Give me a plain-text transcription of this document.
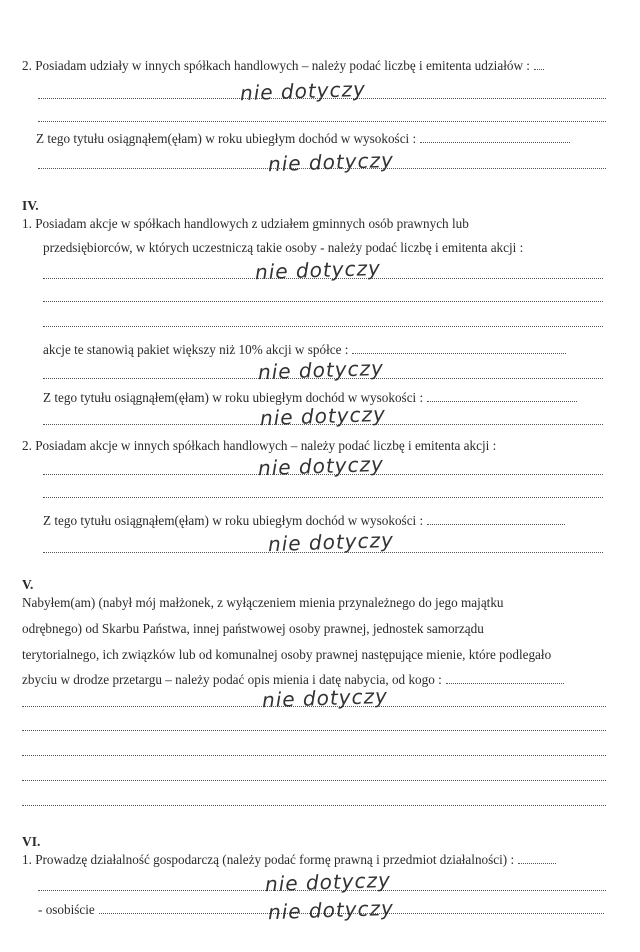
2. Posiadam udziały w innych spółkach handlowych – należy podać liczbę i emitenta udziałów :
nie dotyczy
Z tego tytułu osiągnąłem(ęłam) w roku ubiegłym dochód w wysokości :
nie dotyczy
IV.
1. Posiadam akcje w spółkach handlowych z udziałem gminnych osób prawnych lub
przedsiębiorców, w których uczestniczą takie osoby - należy podać liczbę i emitenta akcji :
nie dotyczy
akcje te stanowią pakiet większy niż 10% akcji w spółce :
nie dotyczy
Z tego tytułu osiągnąłem(ęłam) w roku ubiegłym dochód w wysokości :
nie dotyczy
2. Posiadam akcje w innych spółkach handlowych – należy podać liczbę i emitenta akcji :
nie dotyczy
Z tego tytułu osiągnąłem(ęłam) w roku ubiegłym dochód w wysokości :
nie dotyczy
V.
Nabyłem(am) (nabył mój małżonek, z wyłączeniem mienia przynależnego do jego majątku
odrębnego) od Skarbu Państwa, innej państwowej osoby prawnej, jednostek samorządu
terytorialnego, ich związków lub od komunalnej osoby prawnej następujące mienie, które podlegało
zbyciu w drodze przetargu – należy podać opis mienia i datę nabycia, od kogo :
nie dotyczy
VI.
1. Prowadzę działalność gospodarczą (należy podać formę prawną i przedmiot działalności) :
nie dotyczy
- osobiście	nie dotyczy
